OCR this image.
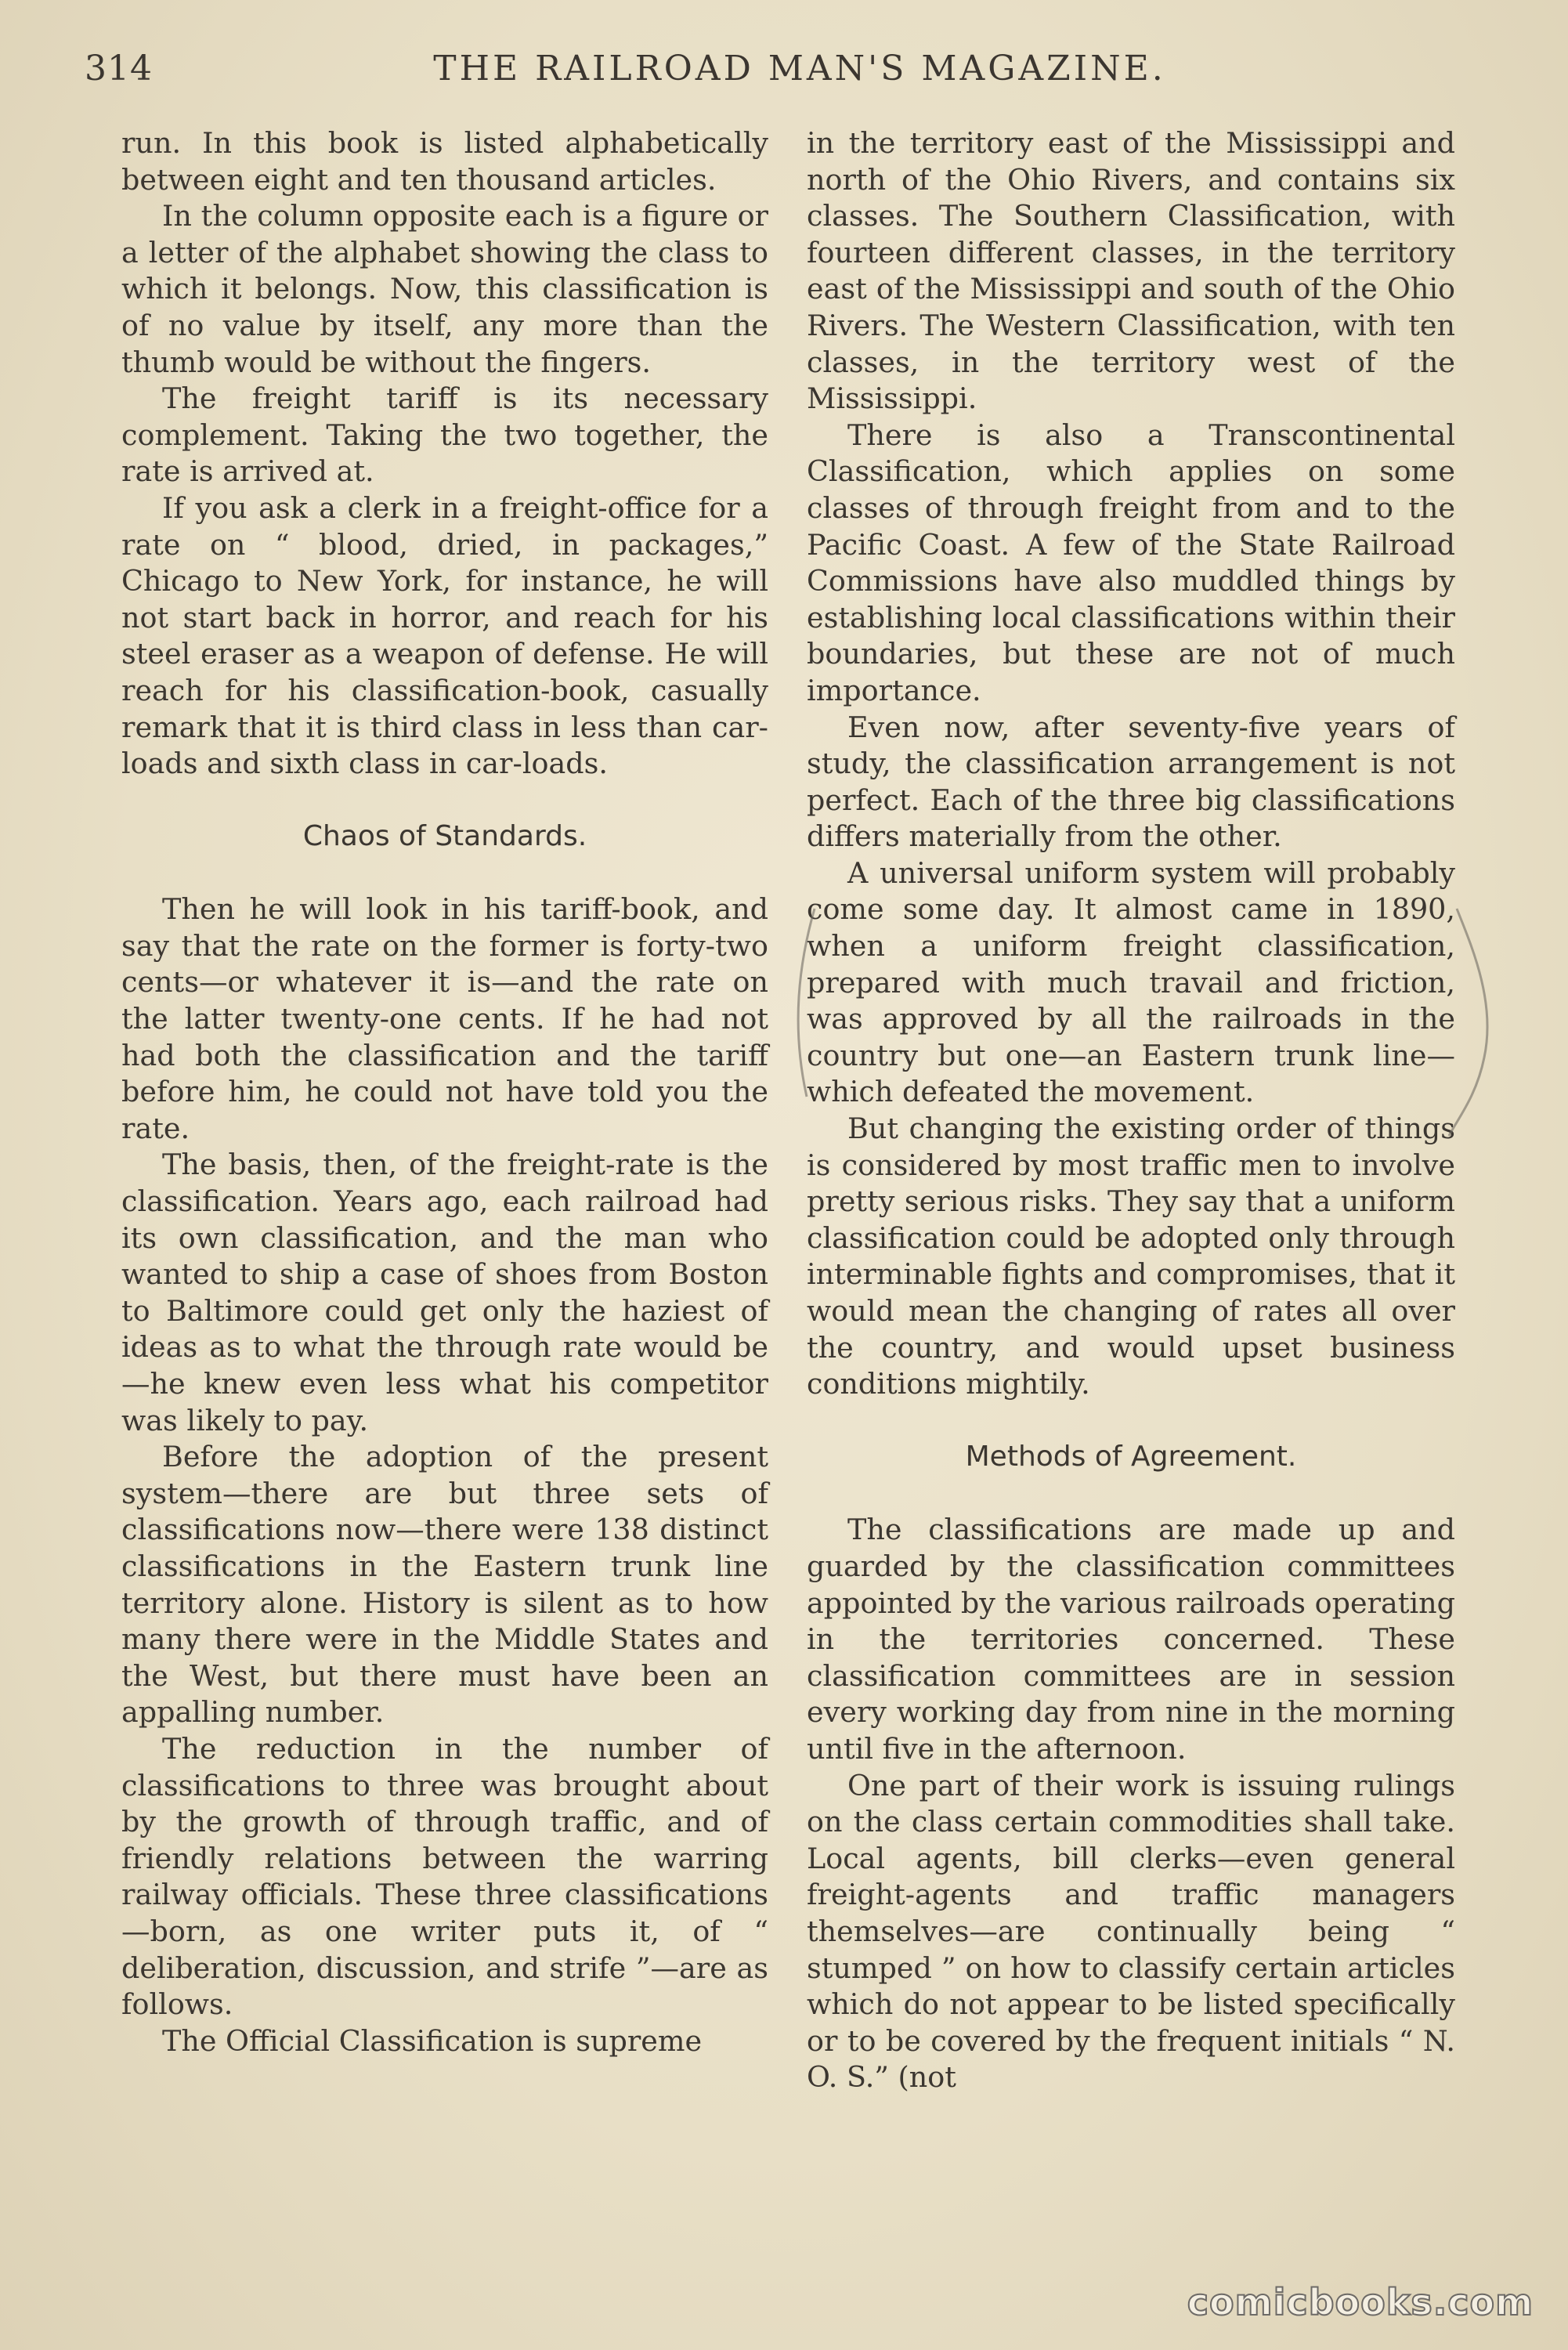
314	THE RAILROAD MAN'S MAGAZINE.

run. In this book is listed alphabetically between eight and ten thousand articles.

In the column opposite each is a figure or a letter of the alphabet showing the class to which it belongs. Now, this classification is of no value by itself, any more than the thumb would be without the fingers.

The freight tariff is its necessary complement. Taking the two together, the rate is arrived at.

If you ask a clerk in a freight-office for a rate on “ blood, dried, in packages,” Chicago to New York, for instance, he will not start back in horror, and reach for his steel eraser as a weapon of defense. He will reach for his classification-book, casually remark that it is third class in less than car-loads and sixth class in car-loads.

Chaos of Standards.

Then he will look in his tariff-book, and say that the rate on the former is forty-two cents—or whatever it is—and the rate on the latter twenty-one cents. If he had not had both the classification and the tariff before him, he could not have told you the rate.

The basis, then, of the freight-rate is the classification. Years ago, each railroad had its own classification, and the man who wanted to ship a case of shoes from Boston to Baltimore could get only the haziest of ideas as to what the through rate would be—he knew even less what his competitor was likely to pay.

Before the adoption of the present system—there are but three sets of classifications now—there were 138 distinct classifications in the Eastern trunk line territory alone. History is silent as to how many there were in the Middle States and the West, but there must have been an appalling number.

The reduction in the number of classifications to three was brought about by the growth of through traffic, and of friendly relations between the warring railway officials. These three classifications—born, as one writer puts it, of “ deliberation, discussion, and strife ”—are as follows.

The Official Classification is supreme

in the territory east of the Mississippi and north of the Ohio Rivers, and contains six classes. The Southern Classification, with fourteen different classes, in the territory east of the Mississippi and south of the Ohio Rivers. The Western Classification, with ten classes, in the territory west of the Mississippi.

There is also a Transcontinental Classification, which applies on some classes of through freight from and to the Pacific Coast. A few of the State Railroad Commissions have also muddled things by establishing local classifications within their boundaries, but these are not of much importance.

Even now, after seventy-five years of study, the classification arrangement is not perfect. Each of the three big classifications differs materially from the other.

A universal uniform system will probably come some day. It almost came in 1890, when a uniform freight classification, prepared with much travail and friction, was approved by all the railroads in the country but one—an Eastern trunk line—which defeated the movement.

But changing the existing order of things is considered by most traffic men to involve pretty serious risks. They say that a uniform classification could be adopted only through interminable fights and compromises, that it would mean the changing of rates all over the country, and would upset business conditions mightily.

Methods of Agreement.

The classifications are made up and guarded by the classification committees appointed by the various railroads operating in the territories concerned. These classification committees are in session every working day from nine in the morning until five in the afternoon.

One part of their work is issuing rulings on the class certain commodities shall take. Local agents, bill clerks—even general freight-agents and traffic managers themselves—are continually being “ stumped ” on how to classify certain articles which do not appear to be listed specifically or to be covered by the frequent initials “ N. O. S.” (not

comicbooks.com
